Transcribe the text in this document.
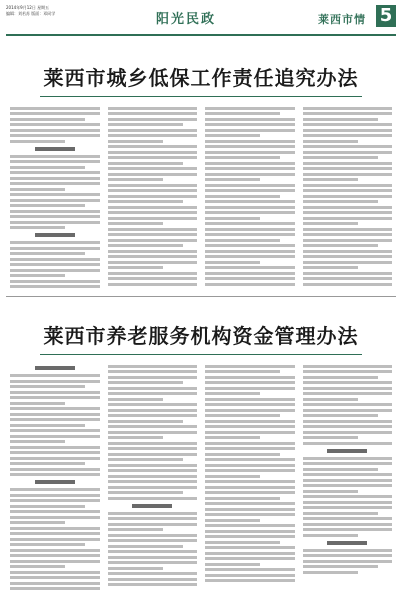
2014年9月12日 星期五
编辑：刘若苏 版面：邓同学	阳光民政	莱西市情 5
莱西市城乡低保工作责任追究办法
莱西市养老服务机构资金管理办法
